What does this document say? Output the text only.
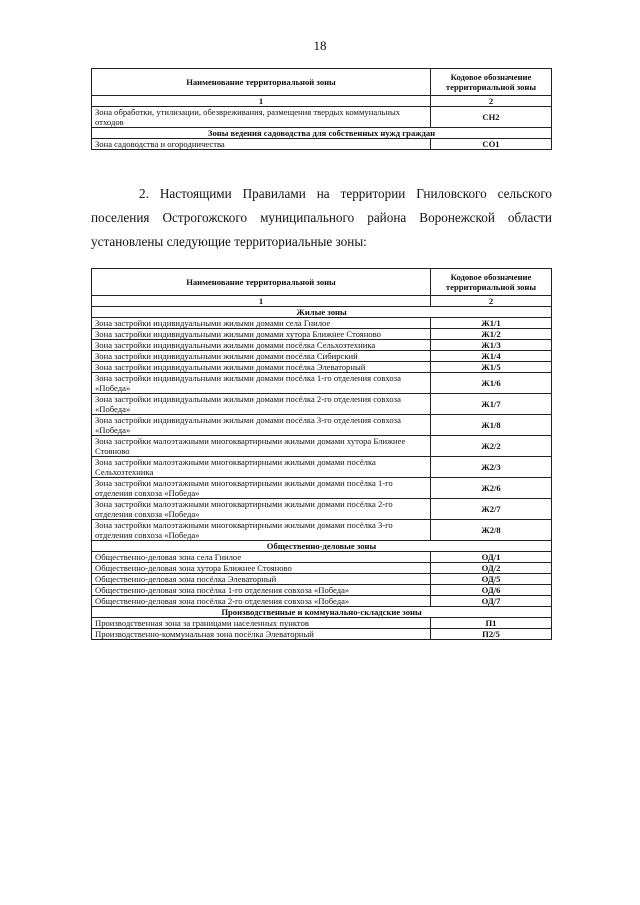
18
Наименование территориальной зоны	Кодовое обозначение территориальной зоны
1	2
Зона обработки, утилизации, обезвреживания, размещения твердых коммунальных отходов	СН2
Зоны ведения садоводства для собственных нужд граждан	
Зона садоводства и огородничества	СО1
2. Настоящими Правилами на территории Гниловского сельского поселения Острогожского муниципального района Воронежской области установлены следующие территориальные зоны:
Наименование территориальной зоны	Кодовое обозначение территориальной зоны
1	2
Жилые зоны	
Зона застройки индивидуальными жилыми домами села Гнилое	Ж1/1
Зона застройки индивидуальными жилыми домами хутора Ближнее Стояново	Ж1/2
Зона застройки индивидуальными жилыми домами посёлка Сельхозтехника	Ж1/3
Зона застройки индивидуальными жилыми домами посёлка Сибирский	Ж1/4
Зона застройки индивидуальными жилыми домами посёлка Элеваторный	Ж1/5
Зона застройки индивидуальными жилыми домами посёлка 1-го отделения совхоза «Победа»	Ж1/6
Зона застройки индивидуальными жилыми домами посёлка 2-го отделения совхоза «Победа»	Ж1/7
Зона застройки индивидуальными жилыми домами посёлка 3-го отделения совхоза «Победа»	Ж1/8
Зона застройки малоэтажными многоквартирными жилыми домами хутора Ближнее Стояново	Ж2/2
Зона застройки малоэтажными многоквартирными жилыми домами посёлка Сельхозтехника	Ж2/3
Зона застройки малоэтажными многоквартирными жилыми домами посёлка 1-го отделения совхоза «Победа»	Ж2/6
Зона застройки малоэтажными многоквартирными жилыми домами посёлка 2-го отделения совхоза «Победа»	Ж2/7
Зона застройки малоэтажными многоквартирными жилыми домами посёлка 3-го отделения совхоза «Победа»	Ж2/8
Общественно-деловые зоны	
Общественно-деловая зона села Гнилое	ОД/1
Общественно-деловая зона хутора Ближнее Стояново	ОД/2
Общественно-деловая зона посёлка Элеваторный	ОД/5
Общественно-деловая зона посёлка 1-го отделения совхоза «Победа»	ОД/6
Общественно-деловая зона посёлка 2-го отделения совхоза «Победа»	ОД/7
Производственные и коммунально-складские зоны	
Производственная зона за границами населенных пунктов	П1
Производственно-коммунальная зона посёлка Элеваторный	П2/5
